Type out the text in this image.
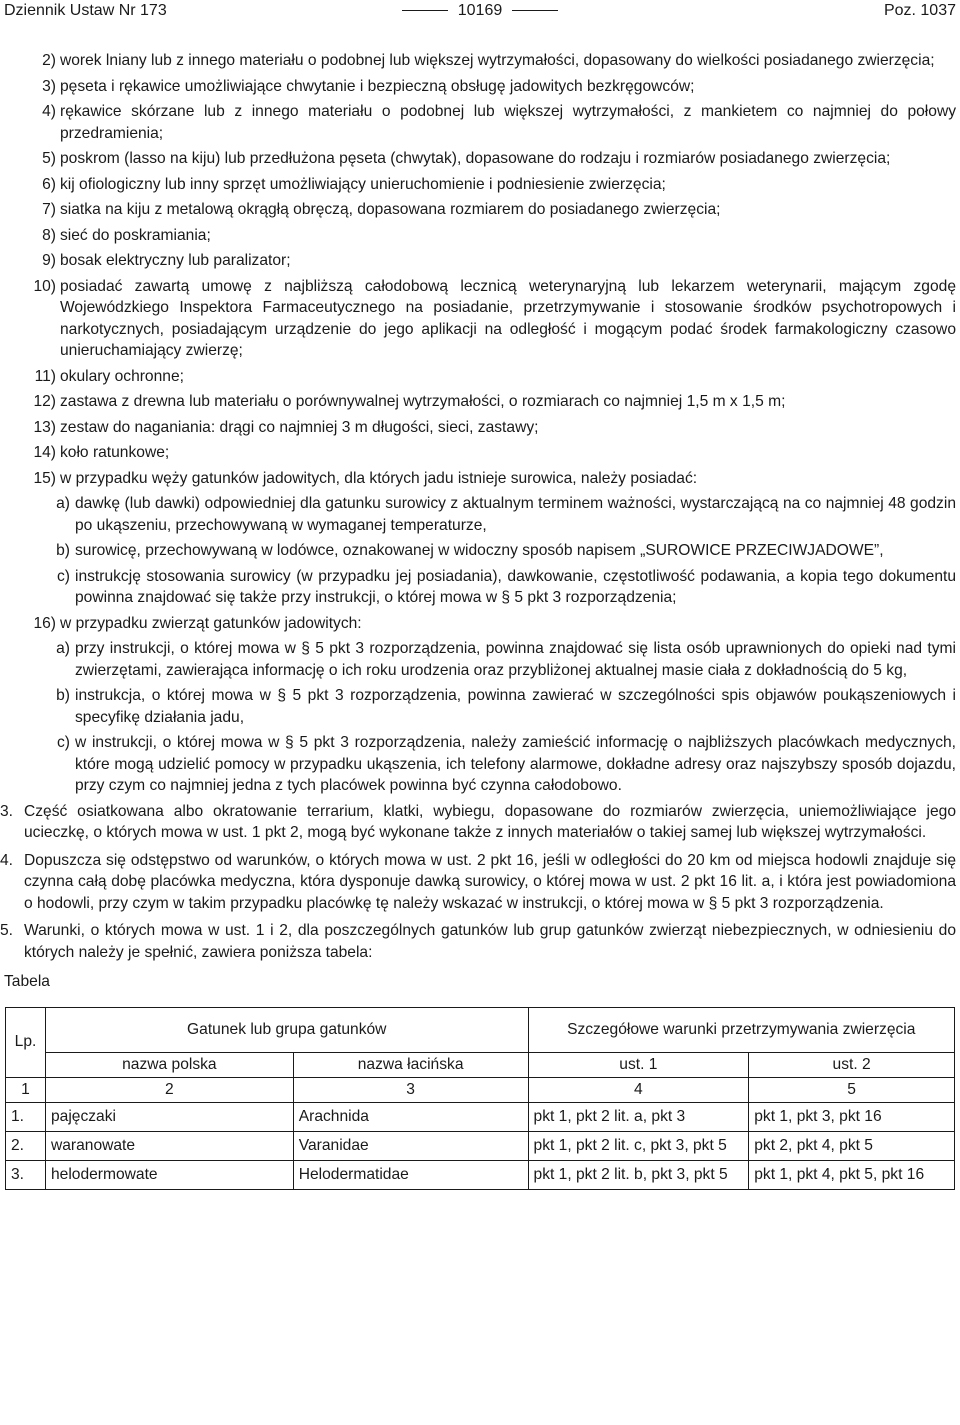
Dziennik Ustaw Nr 173	10169	Poz. 1037
2) worek lniany lub z innego materiału o podobnej lub większej wytrzymałości, dopasowany do wielkości posiadanego zwierzęcia;
3) pęseta i rękawice umożliwiające chwytanie i bezpieczną obsługę jadowitych bezkręgowców;
4) rękawice skórzane lub z innego materiału o podobnej lub większej wytrzymałości, z mankietem co najmniej do połowy przedramienia;
5) poskrom (lasso na kiju) lub przedłużona pęseta (chwytak), dopasowane do rodzaju i rozmiarów posiadanego zwierzęcia;
6) kij ofiologiczny lub inny sprzęt umożliwiający unieruchomienie i podniesienie zwierzęcia;
7) siatka na kiju z metalową okrągłą obręczą, dopasowana rozmiarem do posiadanego zwierzęcia;
8) sieć do poskramiania;
9) bosak elektryczny lub paralizator;
10) posiadać zawartą umowę z najbliższą całodobową lecznicą weterynaryjną lub lekarzem weterynarii, mającym zgodę Wojewódzkiego Inspektora Farmaceutycznego na posiadanie, przetrzymywanie i stosowanie środków psychotropowych i narkotycznych, posiadającym urządzenie do jego aplikacji na odległość i mogącym podać środek farmakologiczny czasowo unieruchamiający zwierzę;
11) okulary ochronne;
12) zastawa z drewna lub materiału o porównywalnej wytrzymałości, o rozmiarach co najmniej 1,5 m x 1,5 m;
13) zestaw do naganiania: drągi co najmniej 3 m długości, sieci, zastawy;
14) koło ratunkowe;
15) w przypadku węży gatunków jadowitych, dla których jadu istnieje surowica, należy posiadać:
a) dawkę (lub dawki) odpowiedniej dla gatunku surowicy z aktualnym terminem ważności, wystarczającą na co najmniej 48 godzin po ukąszeniu, przechowywaną w wymaganej temperaturze,
b) surowicę, przechowywaną w lodówce, oznakowanej w widoczny sposób napisem „SUROWICE PRZECIWJADOWE”,
c) instrukcję stosowania surowicy (w przypadku jej posiadania), dawkowanie, częstotliwość podawania, a kopia tego dokumentu powinna znajdować się także przy instrukcji, o której mowa w § 5 pkt 3 rozporządzenia;
16) w przypadku zwierząt gatunków jadowitych:
a) przy instrukcji, o której mowa w § 5 pkt 3 rozporządzenia, powinna znajdować się lista osób uprawnionych do opieki nad tymi zwierzętami, zawierająca informację o ich roku urodzenia oraz przybliżonej aktualnej masie ciała z dokładnością do 5 kg,
b) instrukcja, o której mowa w § 5 pkt 3 rozporządzenia, powinna zawierać w szczególności spis objawów poukąszeniowych i specyfikę działania jadu,
c) w instrukcji, o której mowa w § 5 pkt 3 rozporządzenia, należy zamieścić informację o najbliższych placówkach medycznych, które mogą udzielić pomocy w przypadku ukąszenia, ich telefony alarmowe, dokładne adresy oraz najszybszy sposób dojazdu, przy czym co najmniej jedna z tych placówek powinna być czynna całodobowo.
3. Część osiatkowana albo okratowanie terrarium, klatki, wybiegu, dopasowane do rozmiarów zwierzęcia, uniemożliwiające jego ucieczkę, o których mowa w ust. 1 pkt 2, mogą być wykonane także z innych materiałów o takiej samej lub większej wytrzymałości.
4. Dopuszcza się odstępstwo od warunków, o których mowa w ust. 2 pkt 16, jeśli w odległości do 20 km od miejsca hodowli znajduje się czynna całą dobę placówka medyczna, która dysponuje dawką surowicy, o której mowa w ust. 2 pkt 16 lit. a, i która jest powiadomiona o hodowli, przy czym w takim przypadku placówkę tę należy wskazać w instrukcji, o której mowa w § 5 pkt 3 rozporządzenia.
5. Warunki, o których mowa w ust. 1 i 2, dla poszczególnych gatunków lub grup gatunków zwierząt niebezpiecznych, w odniesieniu do których należy je spełnić, zawiera poniższa tabela:
Tabela
Lp.	Gatunek lub grupa gatunków		Szczegółowe warunki przetrzymywania zwierzęcia	
	nazwa polska	nazwa łacińska	ust. 1	ust. 2
1	2	3	4	5
1.	pajęczaki	Arachnida	pkt 1, pkt 2 lit. a, pkt 3	pkt 1, pkt 3, pkt 16
2.	waranowate	Varanidae	pkt 1, pkt 2 lit. c, pkt 3, pkt 5	pkt 2, pkt 4, pkt 5
3.	helodermowate	Helodermatidae	pkt 1, pkt 2 lit. b, pkt 3, pkt 5	pkt 1, pkt 4, pkt 5, pkt 16
